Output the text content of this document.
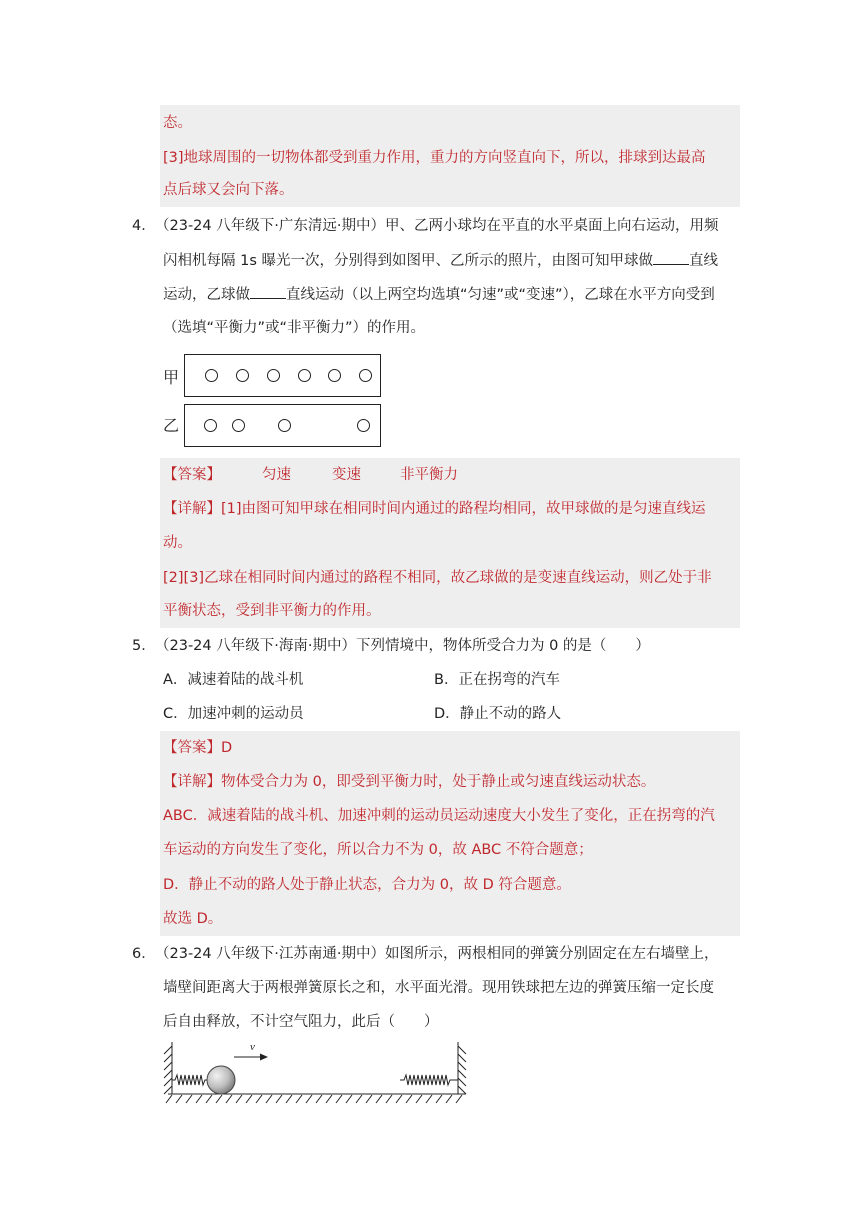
态。
[3]地球周围的一切物体都受到重力作用，重力的方向竖直向下，所以，排球到达最高
点后球又会向下落。
4． （23-24 八年级下·广东清远·期中）甲、乙两小球均在平直的水平桌面上向右运动，用频
闪相机每隔 1s 曝光一次，分别得到如图甲、乙所示的照片，由图可知甲球做 直线
运动，乙球做 直线运动（以上两空均选填“匀速”或“变速”），乙球在水平方向受到
（选填“平衡力”或“非平衡力”）的作用。
甲
乙
【答案】	匀速	变速	非平衡力
【详解】[1]由图可知甲球在相同时间内通过的路程均相同，故甲球做的是匀速直线运
动。
[2][3]乙球在相同时间内通过的路程不相同，故乙球做的是变速直线运动，则乙处于非
平衡状态，受到非平衡力的作用。
5． （23-24 八年级下·海南·期中）下列情境中，物体所受合力为 0 的是（　　）
A．减速着陆的战斗机	B．正在拐弯的汽车
C．加速冲刺的运动员	D．静止不动的路人
【答案】D
【详解】物体受合力为 0，即受到平衡力时，处于静止或匀速直线运动状态。
ABC．减速着陆的战斗机、加速冲刺的运动员运动速度大小发生了变化，正在拐弯的汽
车运动的方向发生了变化，所以合力不为 0，故 ABC 不符合题意；
D．静止不动的路人处于静止状态，合力为 0，故 D 符合题意。
故选 D。
6． （23-24 八年级下·江苏南通·期中）如图所示，两根相同的弹簧分别固定在左右墙壁上，
墙壁间距离大于两根弹簧原长之和，水平面光滑。现用铁球把左边的弹簧压缩一定长度
后自由释放，不计空气阻力，此后（　　）
v
